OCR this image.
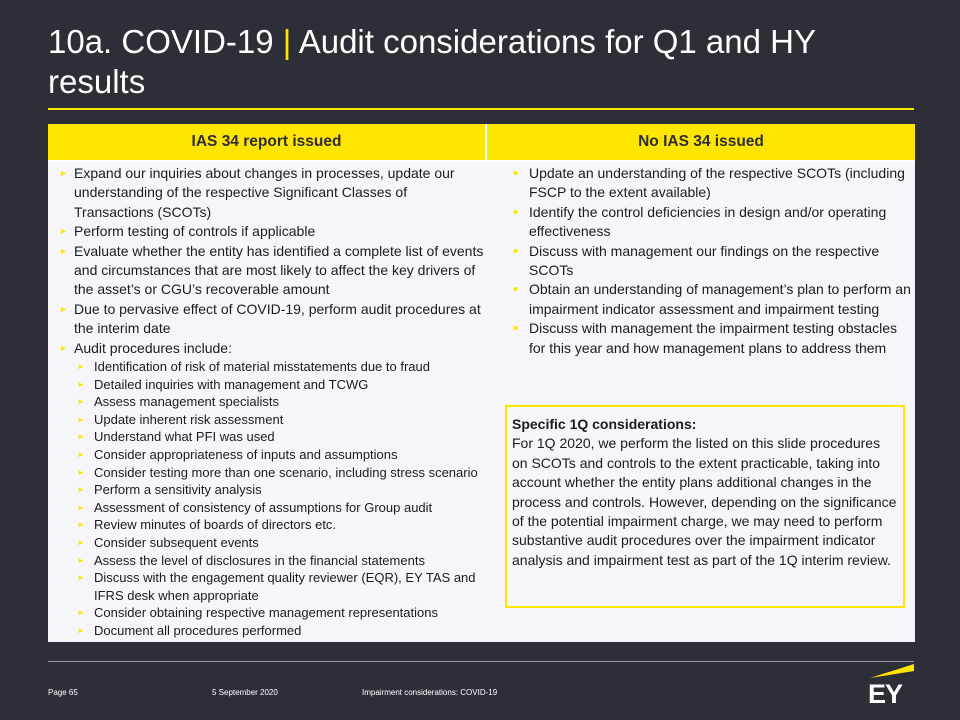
10a. COVID-19 | Audit considerations for Q1 and HY results
IAS 34 report issued	No IAS 34 issued
► Expand our inquiries about changes in processes, update our understanding of the respective Significant Classes of Transactions (SCOTs)
► Perform testing of controls if applicable
► Evaluate whether the entity has identified a complete list of events and circumstances that are most likely to affect the key drivers of the asset’s or CGU’s recoverable amount
► Due to pervasive effect of COVID-19, perform audit procedures at the interim date
► Audit procedures include:
► Identification of risk of material misstatements due to fraud
► Detailed inquiries with management and TCWG
► Assess management specialists
► Update inherent risk assessment
► Understand what PFI was used
► Consider appropriateness of inputs and assumptions
► Consider testing more than one scenario, including stress scenario
► Perform a sensitivity analysis
► Assessment of consistency of assumptions for Group audit
► Review minutes of boards of directors etc.
► Consider subsequent events
► Assess the level of disclosures in the financial statements
► Discuss with the engagement quality reviewer (EQR), EY TAS and IFRS desk when appropriate
► Consider obtaining respective management representations
► Document all procedures performed
• Update an understanding of the respective SCOTs (including FSCP to the extent available)
• Identify the control deficiencies in design and/or operating effectiveness
• Discuss with management our findings on the respective SCOTs
• Obtain an understanding of management’s plan to perform an impairment indicator assessment and impairment testing
• Discuss with management the impairment testing obstacles for this year and how management plans to address them
Specific 1Q considerations:
For 1Q 2020, we perform the listed on this slide procedures on SCOTs and controls to the extent practicable, taking into account whether the entity plans additional changes in the process and controls. However, depending on the significance of the potential impairment charge, we may need to perform substantive audit procedures over the impairment indicator analysis and impairment test as part of the 1Q interim review.
Page 65	5 September 2020	Impairment considerations: COVID-19	EY
